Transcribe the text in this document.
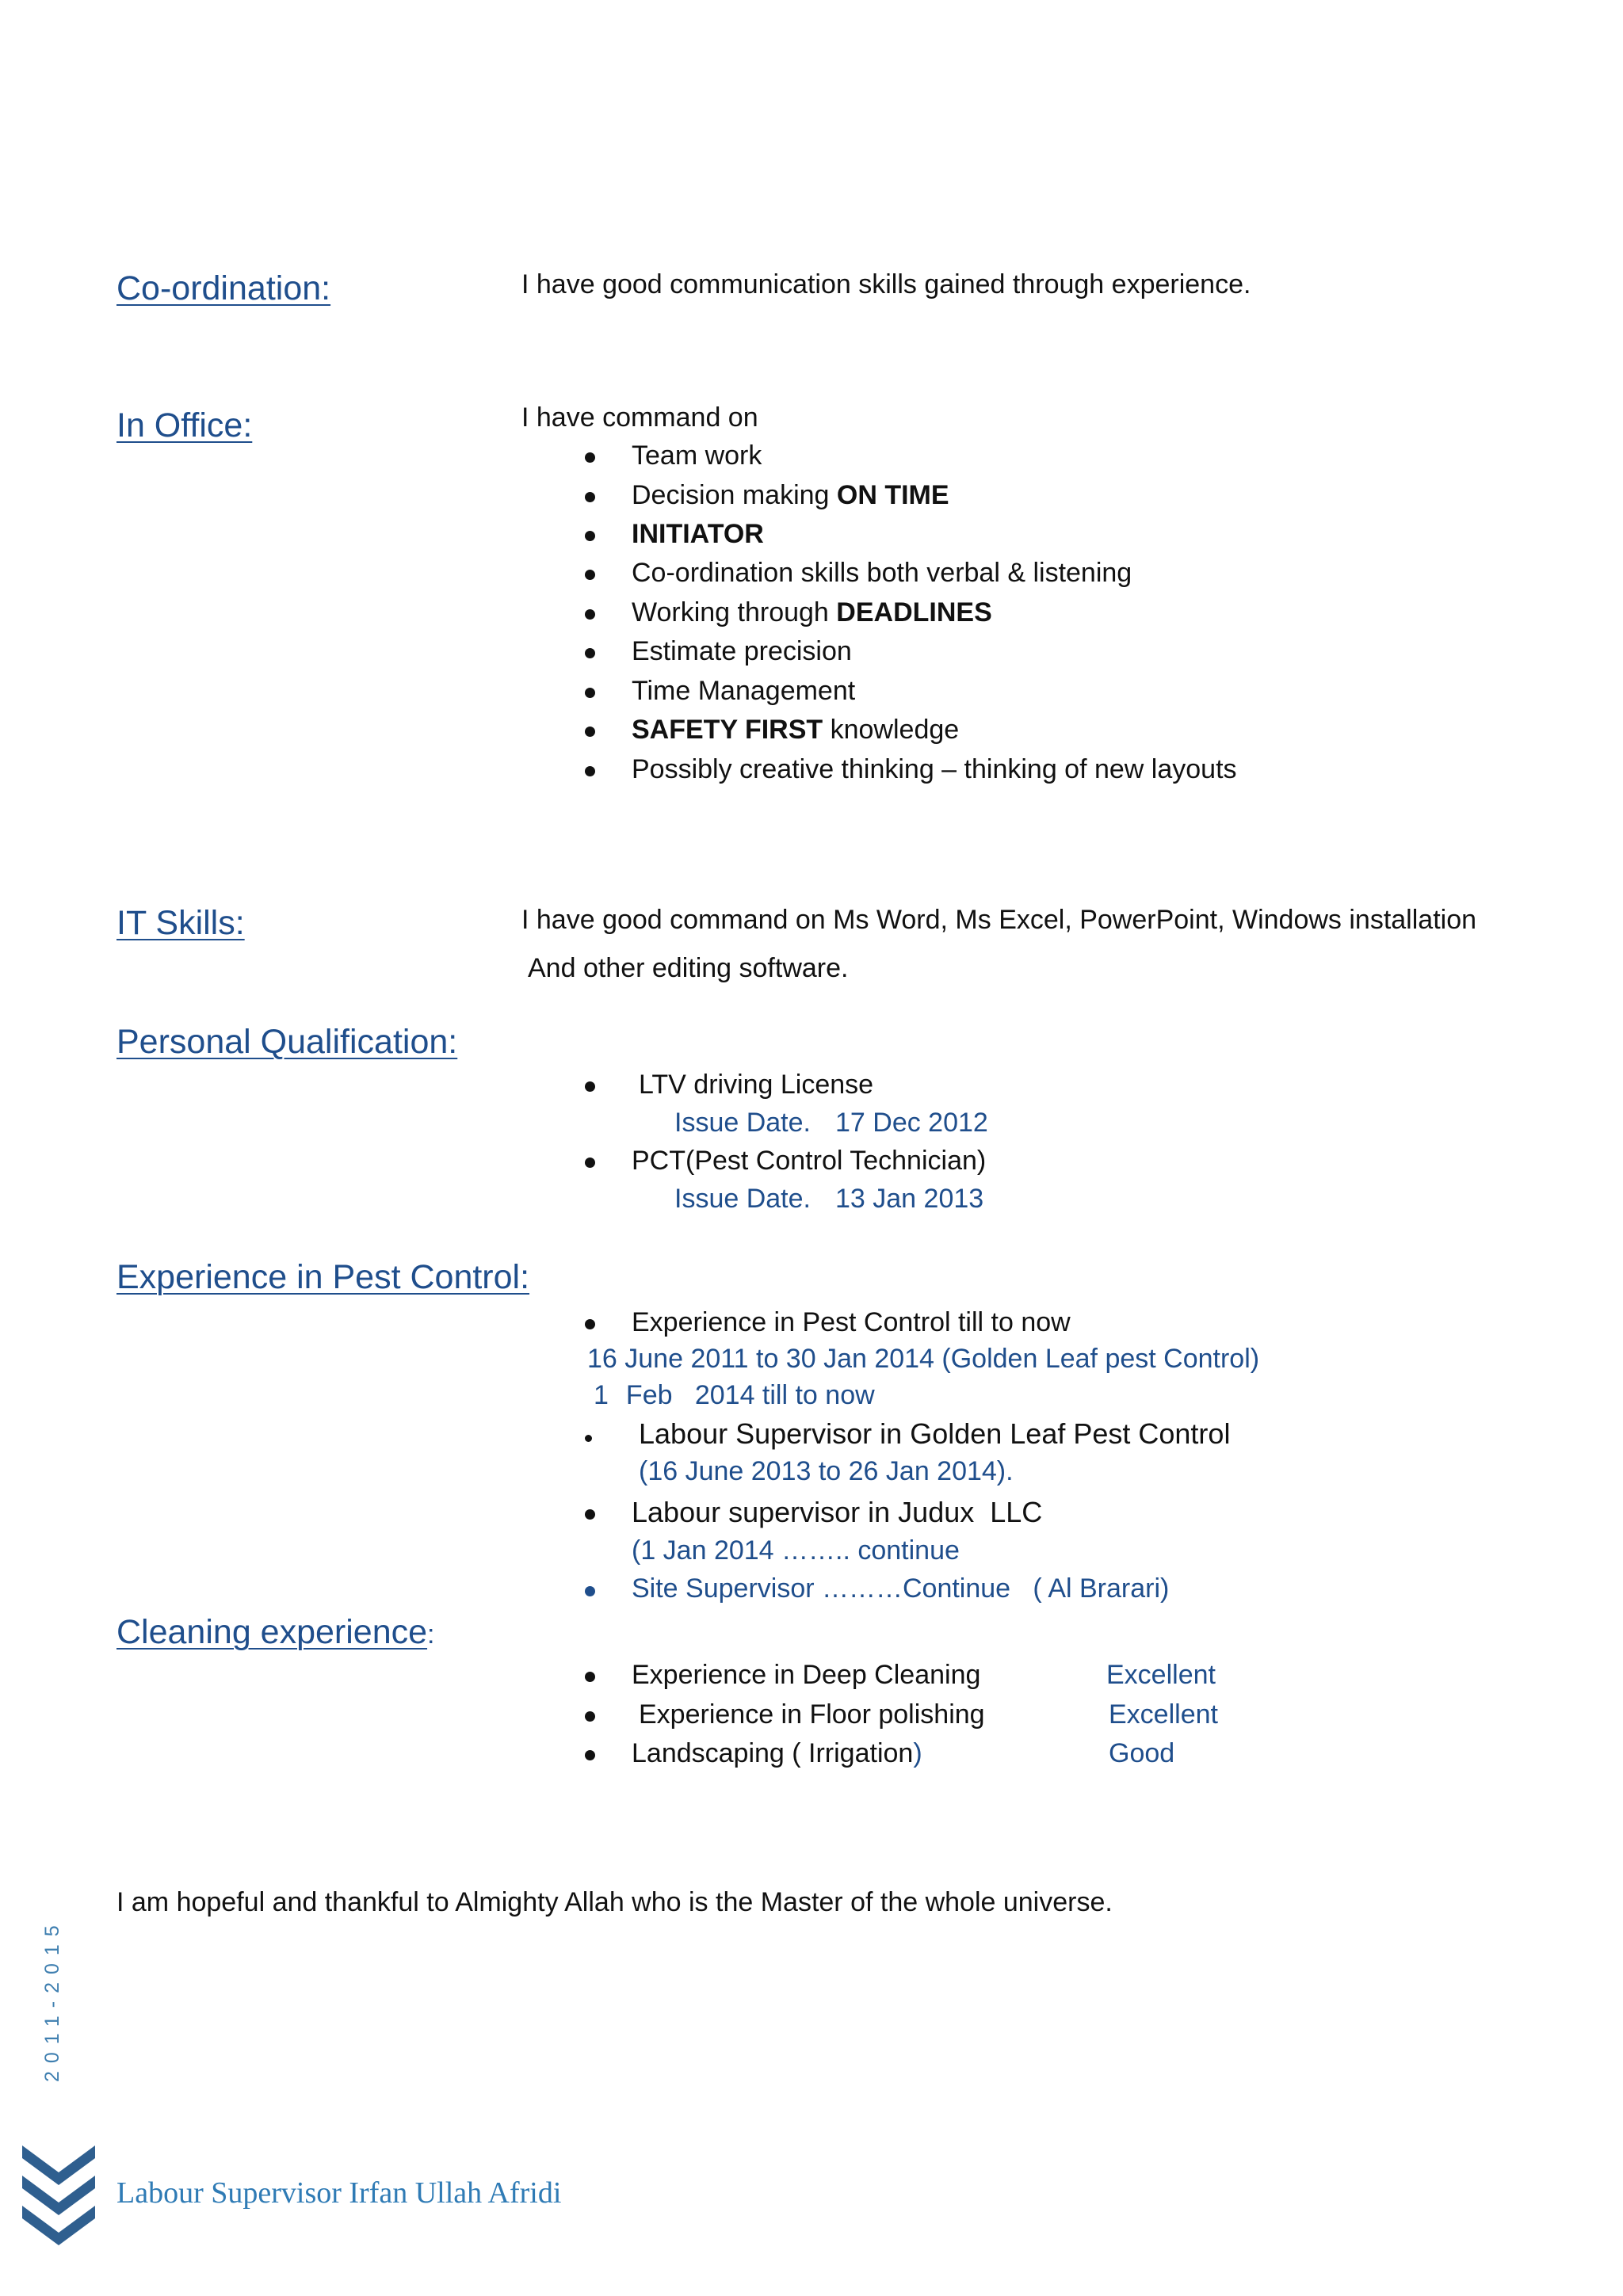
Co-ordination:	I have good communication skills gained through experience.
In Office:	I have command on
Team work
Decision making ON TIME
INITIATOR
Co-ordination skills both verbal & listening
Working through DEADLINES
Estimate precision
Time Management
SAFETY FIRST knowledge
Possibly creative thinking – thinking of new layouts
IT Skills:	I have good command on Ms Word, Ms Excel, PowerPoint, Windows installation
And other editing software.
Personal Qualification:
LTV driving License
Issue Date. 17 Dec 2012
PCT(Pest Control Technician)
Issue Date. 13 Jan 2013
Experience in Pest Control:
Experience in Pest Control till to now
16 June 2011 to 30 Jan 2014 (Golden Leaf pest Control)
1 Feb   2014 till to now
Labour Supervisor in Golden Leaf Pest Control
(16 June 2013 to 26 Jan 2014).
Labour supervisor in Judux  LLC
(1 Jan 2014 …….. continue
Site Supervisor ………Continue   ( Al Brarari)
Cleaning experience:
Experience in Deep Cleaning	Excellent
Experience in Floor polishing	Excellent
Landscaping ( Irrigation)	Good
I am hopeful and thankful to Almighty Allah who is the Master of the whole universe.
2011-2015
Labour Supervisor Irfan Ullah Afridi
